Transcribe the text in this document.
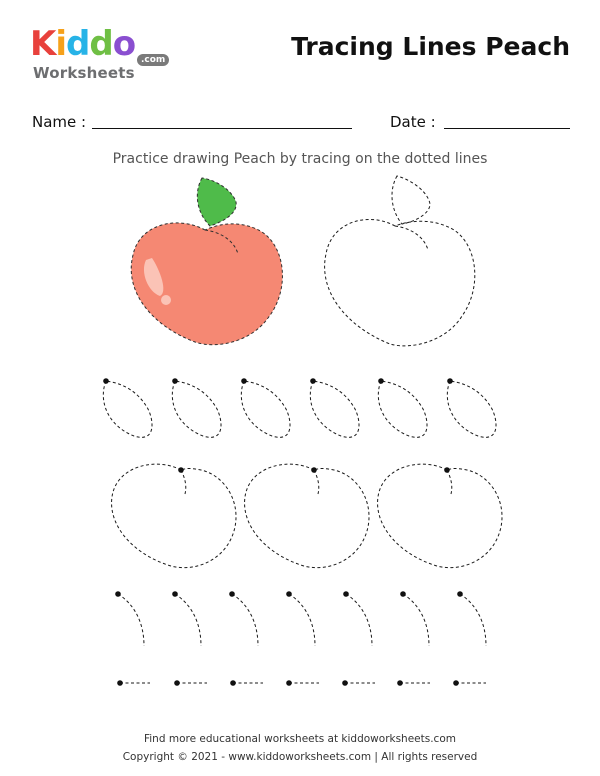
Kiddo
Worksheets
.com	Tracing Lines Peach
Name :	Date :
Practice drawing Peach by tracing on the dotted lines
Find more educational worksheets at kiddoworksheets.com
Copyright © 2021 - www.kiddoworksheets.com | All rights reserved
